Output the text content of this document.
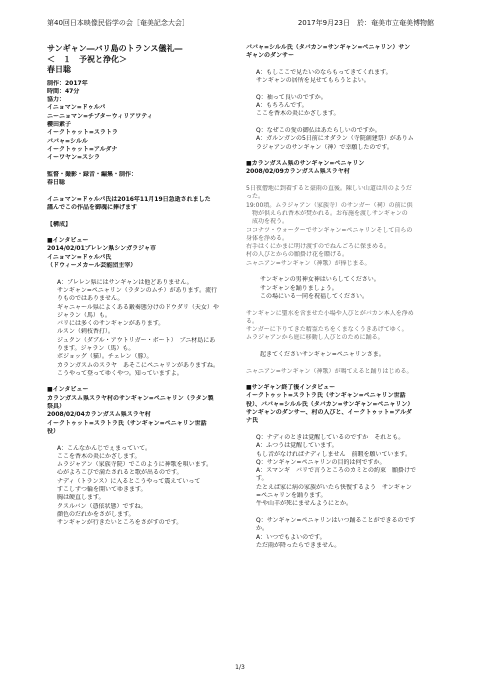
第40回日本映像民俗学の会［奄美記念大会］	2017年9月23日　於：奄美市立奄美博物館
サンギャン―バリ島のトランス儀礼―
＜　１　予祝と浄化＞
春日聡
制作：2017年
時間：47分
協力：
イニョマン=ドゥルパ
ニーニョマン=チプターウィリアワティ
櫻田素子
イークトゥット=スラトラ
ババャ=シルル
イークトゥット=アルダナ
イーワヤン=スシラ
監督・撮影・録音・編集・制作：
春日聡
イニョマン=ドゥルパ氏は2016年11月19日急逝されました
謹んでこの作品を御魂に捧げます
【構成】
■インタビュー
2014/02/01プレレン県シンガラジャ市
イニョマン=ドゥルパ氏
（ドウィーメカール芸能団主宰）
A：プレレン県にはサンギャンは他どありません。
サンギャン=ペニャリン（ラタンのムチ）があります。流行
りものではありません。
ギャニャール県によくある鍛奏態分けのドウダリ（天女）や
ジャラン（馬）も。
バリには多くのサンギャンがあります。
ルスン（刺枝香打）。
ジュクン（ダブル・アウトリガー・ボート）　プニ材島にあ
ります。ジャラン（馬）も。
ボジョッグ（猫）。チェレン（豚）。
カランガスムのスラヤ　あそこにペニャリンがありますね。
こうやって登ってゆくやつ。知っていますよ。
■インタビュー
カランガスム県スラヤ村のサンギャン=ペニャリン（ラタン製
祭具）
2008/02/04カランガスム県スラヤ村
イークトゥット=スラトラ氏（サンギャン=ペニャリン世話
役）
A：こんなかんじでぇまっていて。
ここを香木の炎にかざします。
ムラジャアン（家族寺院）でこのように神歌を唄います。
心がよろこびで満たされると歌が出るのです。
ナディ（トランス）に入るとこうやって震えていって
すこしずつ輪を開いてゆきます。
胸は硬直します。
クスルバン（憑依状態）ですね。
顔色のだれかをさがします。
サンギャンが行きたいところをさがすのです。
ババャ=シルル氏（タバカン=サンギャン=ペニャリン）サン
ギャンのダンサー
A：もしここで見たいのならもってきてくれます。
サンギャンの居所を見せてもらうとよい。
Q：袖って良いのですか。
A：もちろんです。
ここを香木の炎にかざします。
Q：なぜこの愛の御仏はあたらしいのですか。
A：ガルンガンの5日前にオダラン（寺院創建祭）がありム
ラジャアンのサンギャン（神）で幸願したのです。
■カランガスム県のサンギャン=ペニャリン
2008/02/09カランガスム県スラヤ村
5日夜僧地に到着すると豪雨の直後。陳しい山道は川のようだ
った。
19:00頃。ムラジャアン（家族寺）のサンガー（祠）の前に供
　物が供えられ香木が焚かれる。お布施を渡しサンギャンの
　成功を祝う。
ココナツ・ウォークーでサンギャン=ペニャリンそして自らの
身体を浄める。
右手はくにかまに明け渡すのでねんごろに保まめる。
村の人びとからの願掛け花を贈げる。
ニャニアン=サンギャン（神歌）が捧じまる。
サンギャンの男神女神はいらしてください。
サンギャンを踊りましょう。
この場にいる一同を祝福してください。
サンギャンに聖水を含ませた小場や人びとがバカン本人を浄め
る。
サンガーに下りてきた精霊たちをくまなくうきあげてゆく。
ムラジャアンから庭に移動し人びとのために踊る。
起きてくださいサンギャン=ペニャリンさま。
ニャニアン=サンギャン（神歌）が鳴てえると踊りはじめる。
■サンギャン終了後インタビュー
イークトゥット=スラトラ氏（サンギャン=ペニャリン世話
役）、ババャ=シルル氏（タバカン=サンギャン=ペニャリン）
サンギャンのダンサー、村の人びと、イークトゥット=アルダ
ナ氏
Q：ナディのときは覚醒しているのですか　それとも。
A：ふつうは覚醒しています。
もし音がなければナディしません　前暇を願いています。
Q：サンギャン=ペニャリンの目的は何ですか。
A：スマンギ　バリで言うところのカミとの約束　願掛けで
す。
たとえば家に病の家族がいたら快復するよう　サンギャン
=ペニャリンを踊ります。
牛や山羊が死にませんようにとか。
Q：サンギャン=ペニャリンはいつ踊ることができるのです
か。
A：いつでもよいのです。
ただ雨が降ったらできません。
1/3
